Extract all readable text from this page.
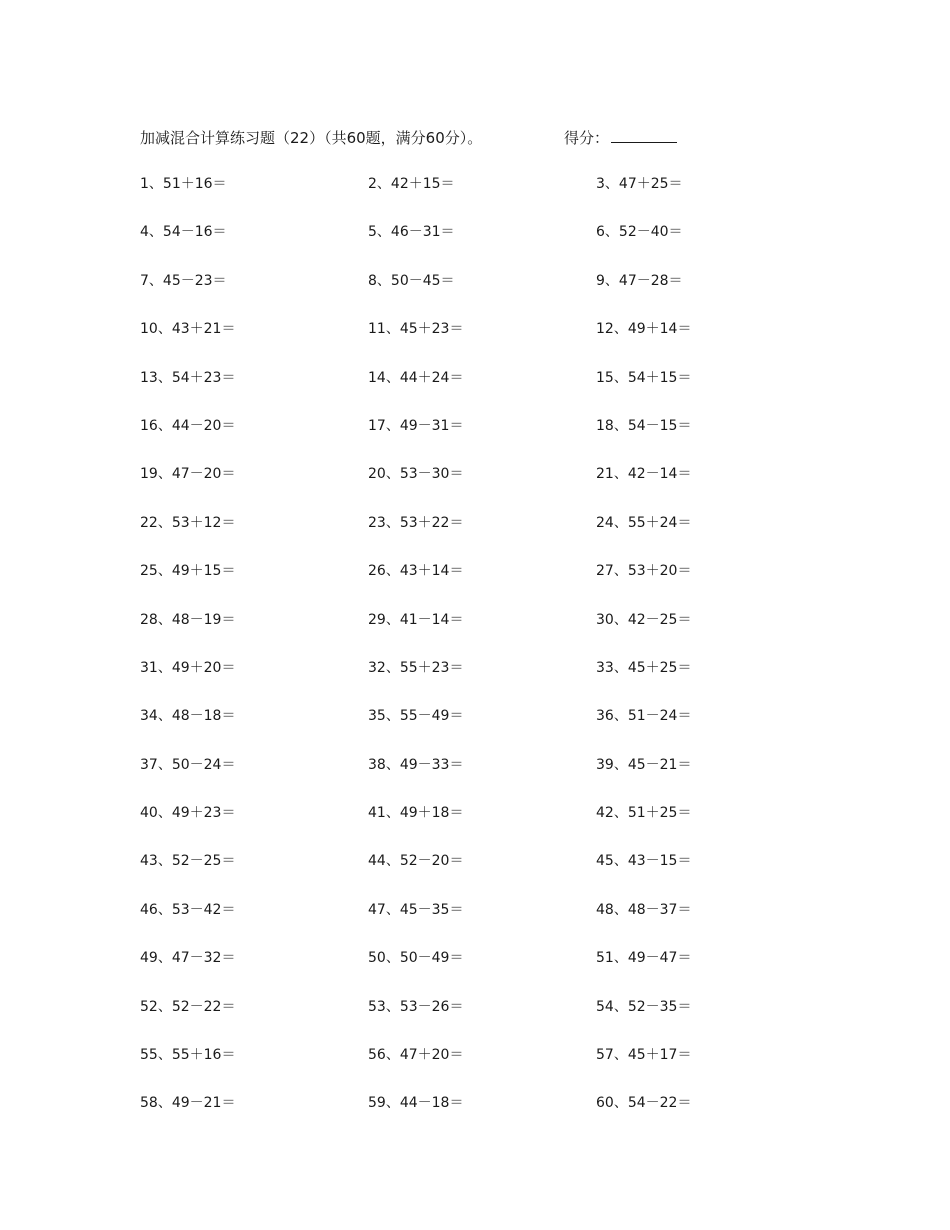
加减混合计算练习题（22）（共60题，满分60分）。	得分：
1、51＋16＝	2、42＋15＝	3、47＋25＝
4、54－16＝	5、46－31＝	6、52－40＝
7、45－23＝	8、50－45＝	9、47－28＝
10、43＋21＝	11、45＋23＝	12、49＋14＝
13、54＋23＝	14、44＋24＝	15、54＋15＝
16、44－20＝	17、49－31＝	18、54－15＝
19、47－20＝	20、53－30＝	21、42－14＝
22、53＋12＝	23、53＋22＝	24、55＋24＝
25、49＋15＝	26、43＋14＝	27、53＋20＝
28、48－19＝	29、41－14＝	30、42－25＝
31、49＋20＝	32、55＋23＝	33、45＋25＝
34、48－18＝	35、55－49＝	36、51－24＝
37、50－24＝	38、49－33＝	39、45－21＝
40、49＋23＝	41、49＋18＝	42、51＋25＝
43、52－25＝	44、52－20＝	45、43－15＝
46、53－42＝	47、45－35＝	48、48－37＝
49、47－32＝	50、50－49＝	51、49－47＝
52、52－22＝	53、53－26＝	54、52－35＝
55、55＋16＝	56、47＋20＝	57、45＋17＝
58、49－21＝	59、44－18＝	60、54－22＝
